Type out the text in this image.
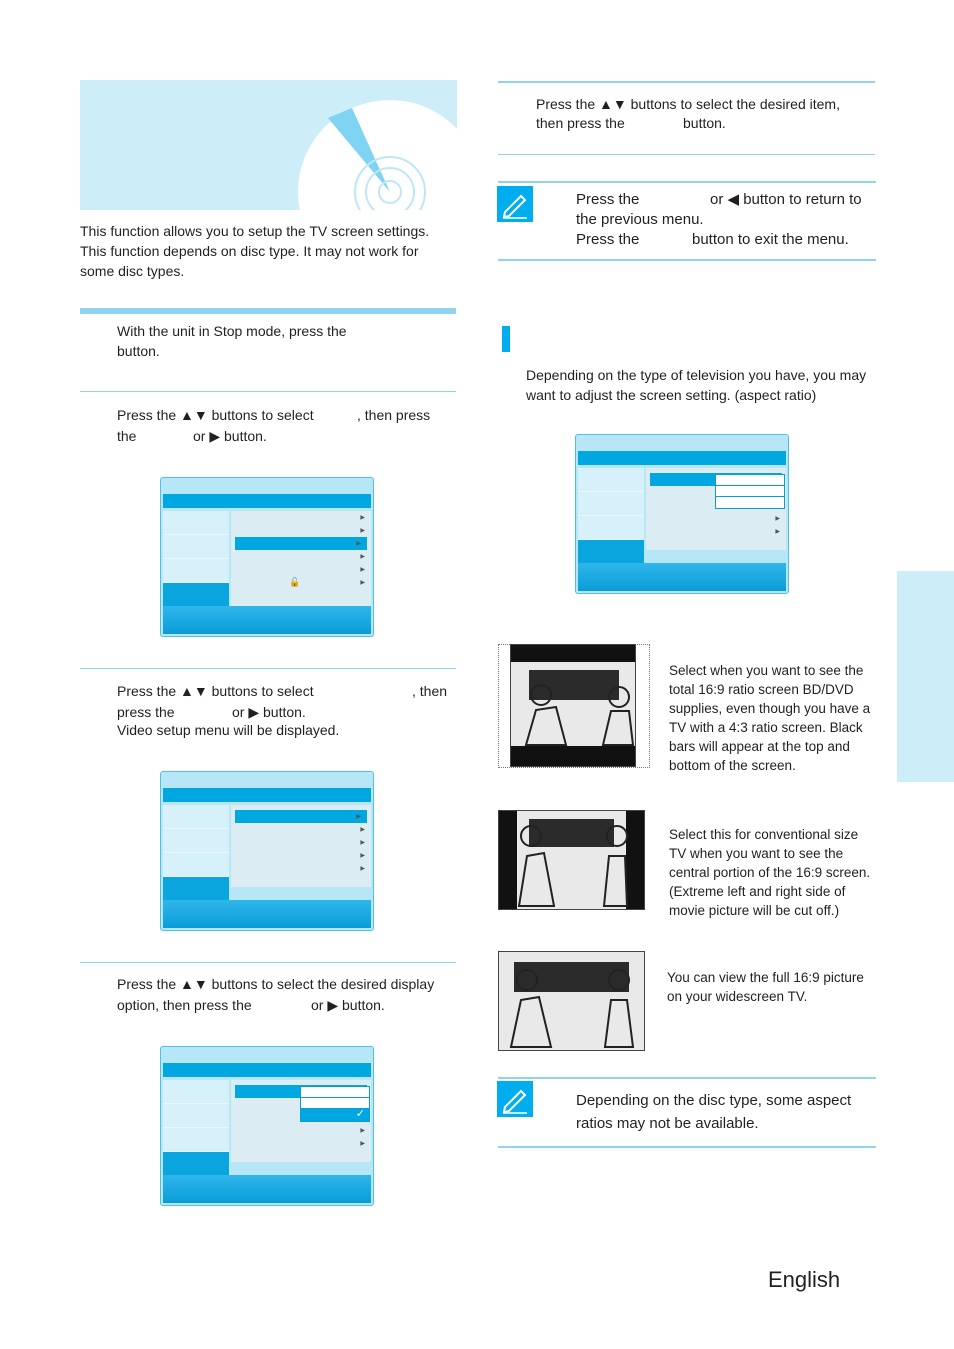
This function allows you to setup the TV screen settings.
This function depends on disc type. It may not work for
some disc types.
With the unit in Stop mode, press the
button.
Press the ▲▼ buttons to select	, then press
the	or ▶ button.
▶
▶
▶
▶
▶
🔓	▶
Press the ▲▼ buttons to select	, then
press the	or ▶ button.
Video setup menu will be displayed.
▶
▶
▶
▶
▶
Press the ▲▼ buttons to select the desired display
option, then press the	or ▶ button.
▶
▶
✓
Press the ▲▼ buttons to select the desired item,
then press the	button.
Press the	or ◀ button to return to
the previous menu.
Press the	button to exit the menu.
Depending on the type of television you have, you may
want to adjust the screen setting. (aspect ratio)
▶
▶
Select when you want to see the
total 16:9 ratio screen BD/DVD
supplies, even though you have a
TV with a 4:3 ratio screen. Black
bars will appear at the top and
bottom of the screen.
Select this for conventional size
TV when you want to see the
central portion of the 16:9 screen.
(Extreme left and right side of
movie picture will be cut off.)
You can view the full 16:9 picture
on your widescreen TV.
Depending on the disc type, some aspect
ratios may not be available.
English
